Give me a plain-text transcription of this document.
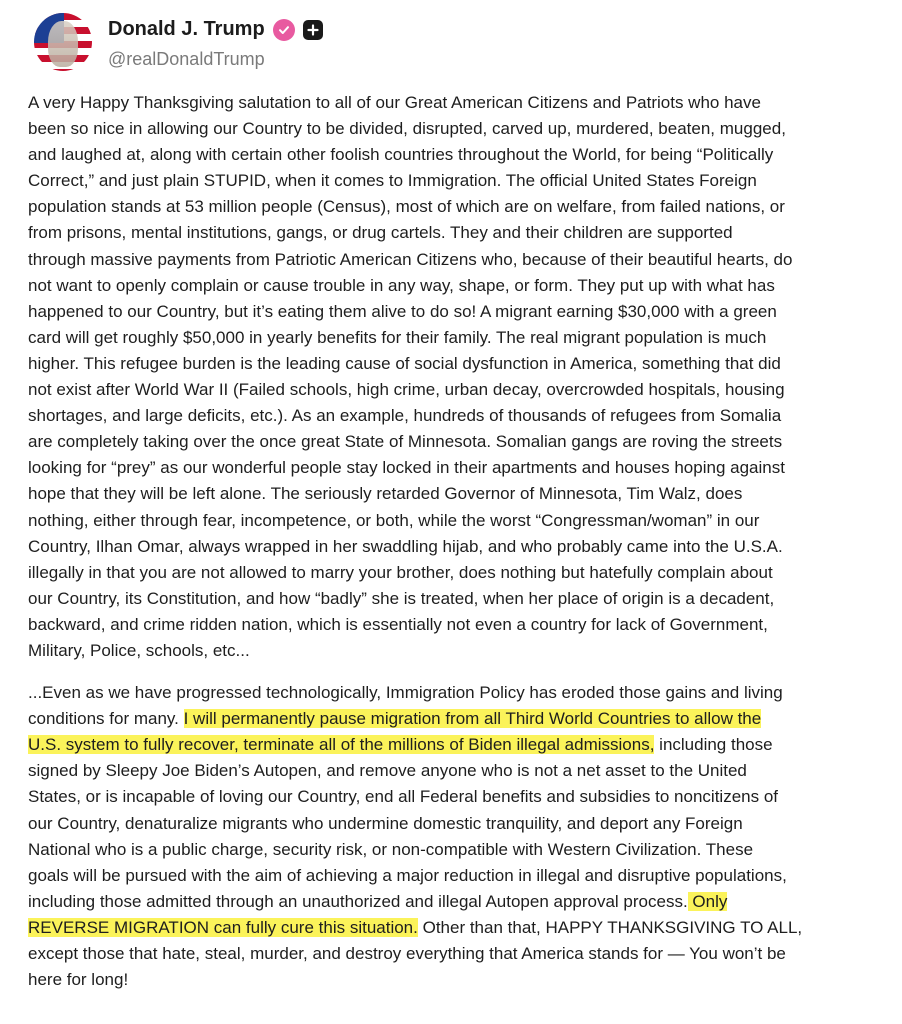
Donald J. Trump
@realDonaldTrump

A very Happy Thanksgiving salutation to all of our Great American Citizens and Patriots who have
been so nice in allowing our Country to be divided, disrupted, carved up, murdered, beaten, mugged,
and laughed at, along with certain other foolish countries throughout the World, for being “Politically
Correct,” and just plain STUPID, when it comes to Immigration. The official United States Foreign
population stands at 53 million people (Census), most of which are on welfare, from failed nations, or
from prisons, mental institutions, gangs, or drug cartels. They and their children are supported
through massive payments from Patriotic American Citizens who, because of their beautiful hearts, do
not want to openly complain or cause trouble in any way, shape, or form. They put up with what has
happened to our Country, but it’s eating them alive to do so! A migrant earning $30,000 with a green
card will get roughly $50,000 in yearly benefits for their family. The real migrant population is much
higher. This refugee burden is the leading cause of social dysfunction in America, something that did
not exist after World War II (Failed schools, high crime, urban decay, overcrowded hospitals, housing
shortages, and large deficits, etc.). As an example, hundreds of thousands of refugees from Somalia
are completely taking over the once great State of Minnesota. Somalian gangs are roving the streets
looking for “prey” as our wonderful people stay locked in their apartments and houses hoping against
hope that they will be left alone. The seriously retarded Governor of Minnesota, Tim Walz, does
nothing, either through fear, incompetence, or both, while the worst “Congressman/woman” in our
Country, Ilhan Omar, always wrapped in her swaddling hijab, and who probably came into the U.S.A.
illegally in that you are not allowed to marry your brother, does nothing but hatefully complain about
our Country, its Constitution, and how “badly” she is treated, when her place of origin is a decadent,
backward, and crime ridden nation, which is essentially not even a country for lack of Government,
Military, Police, schools, etc...

...Even as we have progressed technologically, Immigration Policy has eroded those gains and living
conditions for many. I will permanently pause migration from all Third World Countries to allow the
U.S. system to fully recover, terminate all of the millions of Biden illegal admissions, including those
signed by Sleepy Joe Biden’s Autopen, and remove anyone who is not a net asset to the United
States, or is incapable of loving our Country, end all Federal benefits and subsidies to noncitizens of
our Country, denaturalize migrants who undermine domestic tranquility, and deport any Foreign
National who is a public charge, security risk, or non-compatible with Western Civilization. These
goals will be pursued with the aim of achieving a major reduction in illegal and disruptive populations,
including those admitted through an unauthorized and illegal Autopen approval process. Only
REVERSE MIGRATION can fully cure this situation. Other than that, HAPPY THANKSGIVING TO ALL,
except those that hate, steal, murder, and destroy everything that America stands for — You won’t be
here for long!
